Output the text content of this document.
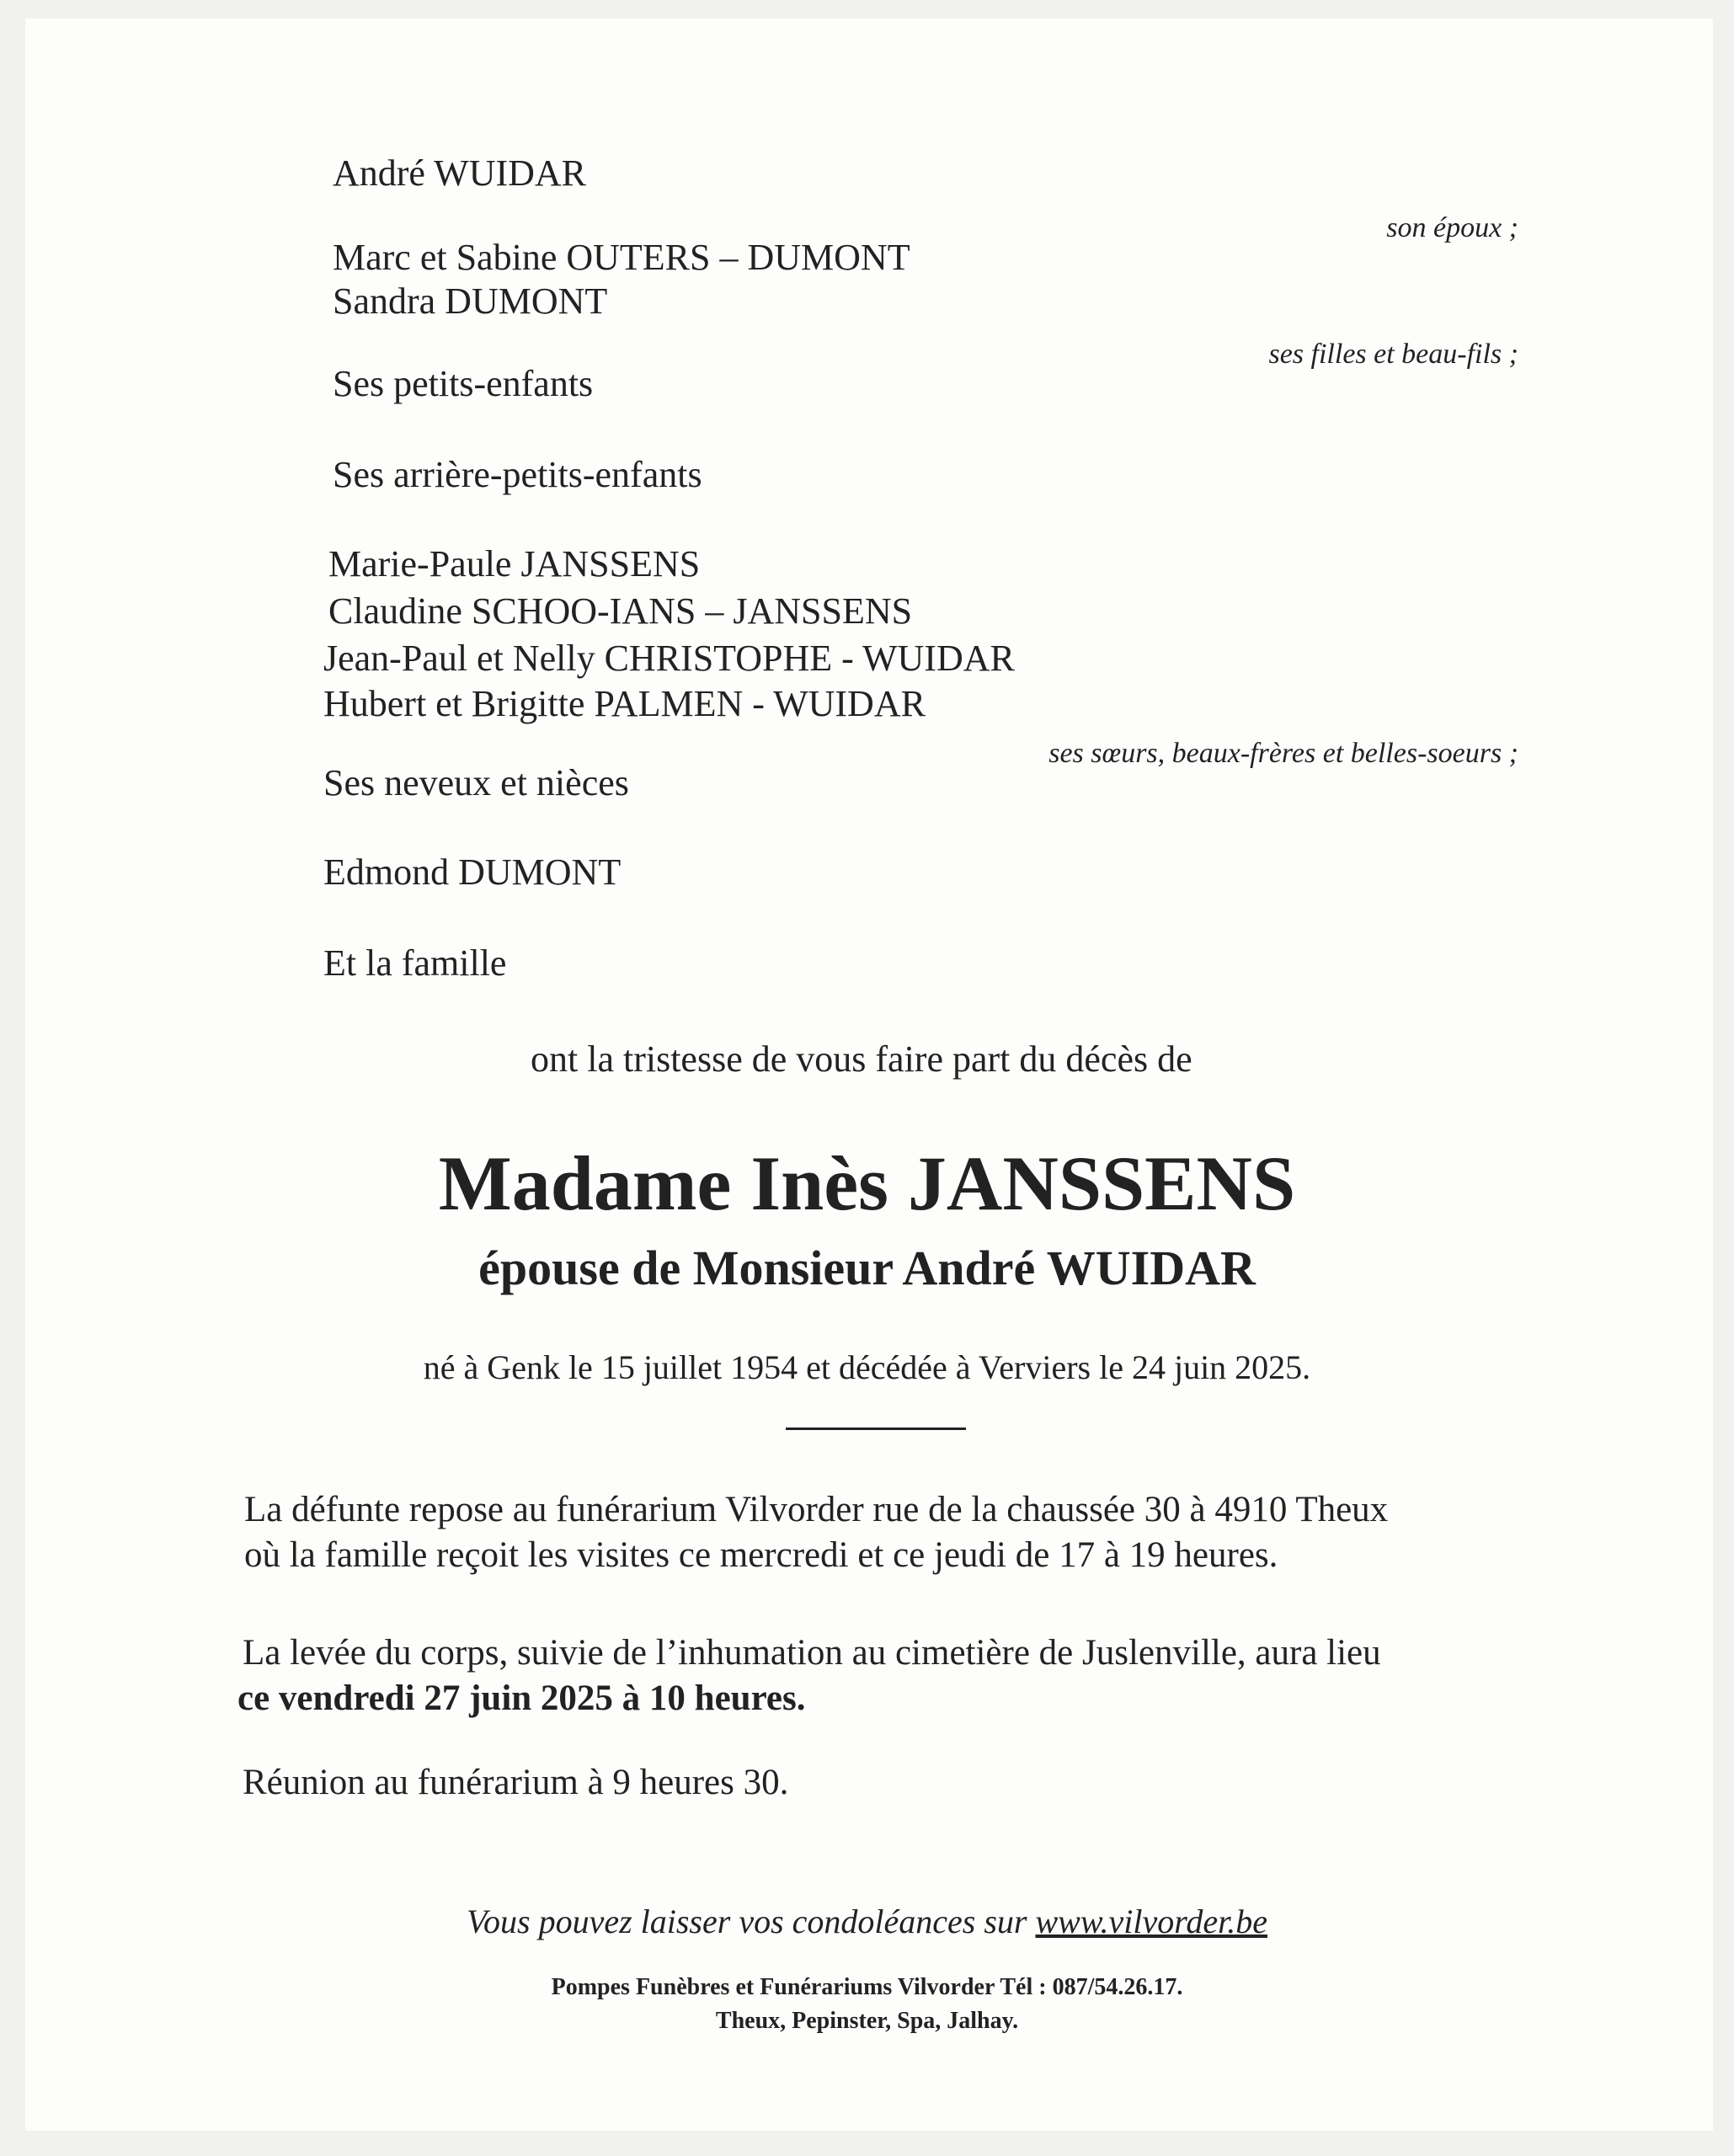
André WUIDAR
son époux ;
Marc et Sabine OUTERS – DUMONT
Sandra DUMONT
ses filles et beau-fils ;
Ses petits-enfants
Ses arrière-petits-enfants
Marie-Paule JANSSENS
Claudine SCHOO-IANS – JANSSENS
Jean-Paul et Nelly CHRISTOPHE - WUIDAR
Hubert et Brigitte PALMEN - WUIDAR
ses sœurs, beaux-frères et belles-soeurs ;
Ses neveux et nièces
Edmond DUMONT
Et la famille
ont la tristesse de vous faire part du décès de
Madame Inès JANSSENS
épouse de Monsieur André WUIDAR
né à Genk le 15 juillet 1954 et décédée à Verviers le 24 juin 2025.
La défunte repose au funérarium Vilvorder rue de la chaussée 30 à 4910 Theux
où la famille reçoit les visites ce mercredi et ce jeudi de 17 à 19 heures.
La levée du corps, suivie de l’inhumation au cimetière de Juslenville, aura lieu
ce vendredi 27 juin 2025 à 10 heures.
Réunion au funérarium à 9 heures 30.
Vous pouvez laisser vos condoléances sur www.vilvorder.be
Pompes Funèbres et Funérariums Vilvorder Tél : 087/54.26.17.
Theux, Pepinster, Spa, Jalhay.
